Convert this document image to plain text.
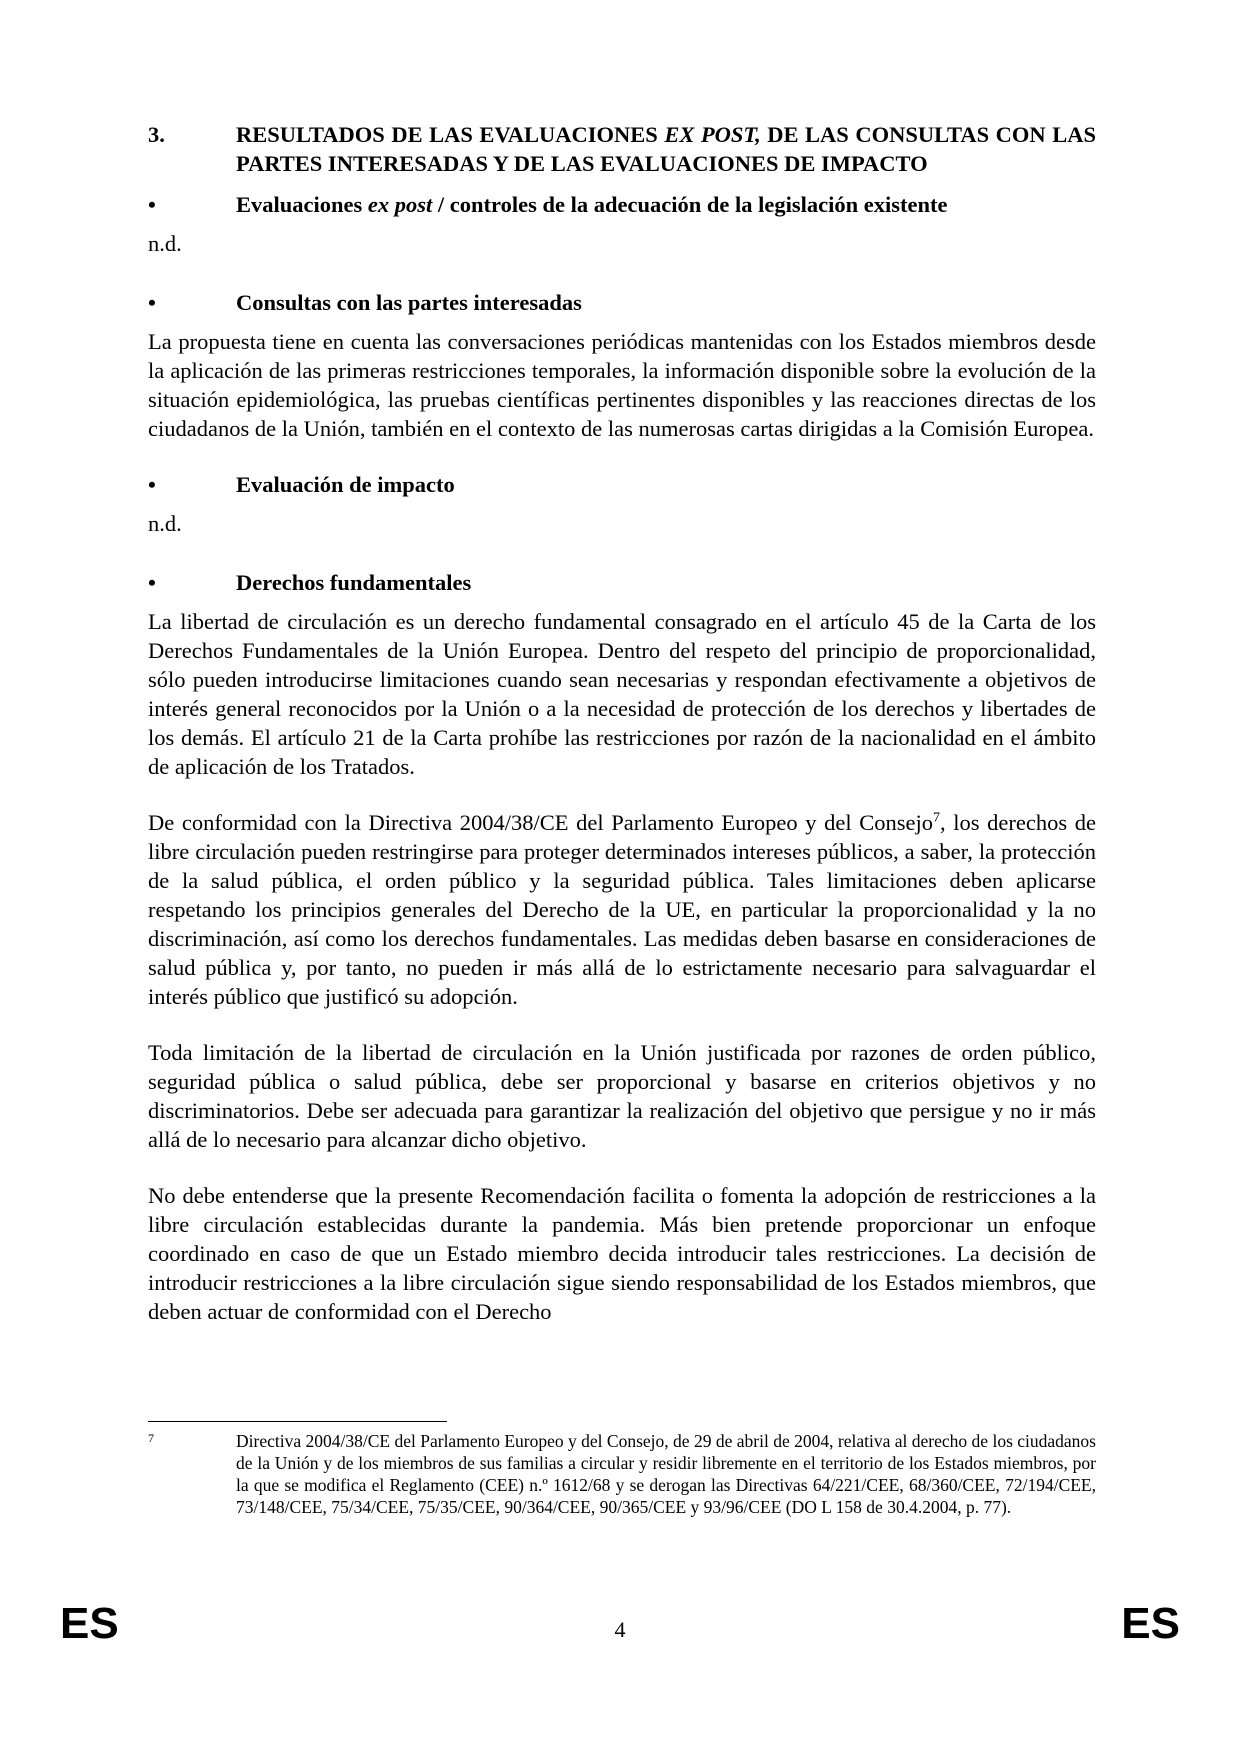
3.	RESULTADOS DE LAS EVALUACIONES EX POST, DE LAS CONSULTAS CON LAS PARTES INTERESADAS Y DE LAS EVALUACIONES DE IMPACTO
•	Evaluaciones ex post / controles de la adecuación de la legislación existente

n.d.

•	Consultas con las partes interesadas

La propuesta tiene en cuenta las conversaciones periódicas mantenidas con los Estados miembros desde la aplicación de las primeras restricciones temporales, la información disponible sobre la evolución de la situación epidemiológica, las pruebas científicas pertinentes disponibles y las reacciones directas de los ciudadanos de la Unión, también en el contexto de las numerosas cartas dirigidas a la Comisión Europea.

•	Evaluación de impacto

n.d.

•	Derechos fundamentales

La libertad de circulación es un derecho fundamental consagrado en el artículo 45 de la Carta de los Derechos Fundamentales de la Unión Europea. Dentro del respeto del principio de proporcionalidad, sólo pueden introducirse limitaciones cuando sean necesarias y respondan efectivamente a objetivos de interés general reconocidos por la Unión o a la necesidad de protección de los derechos y libertades de los demás. El artículo 21 de la Carta prohíbe las restricciones por razón de la nacionalidad en el ámbito de aplicación de los Tratados.

De conformidad con la Directiva 2004/38/CE del Parlamento Europeo y del Consejo$^7$, los derechos de libre circulación pueden restringirse para proteger determinados intereses públicos, a saber, la protección de la salud pública, el orden público y la seguridad pública. Tales limitaciones deben aplicarse respetando los principios generales del Derecho de la UE, en particular la proporcionalidad y la no discriminación, así como los derechos fundamentales. Las medidas deben basarse en consideraciones de salud pública y, por tanto, no pueden ir más allá de lo estrictamente necesario para salvaguardar el interés público que justificó su adopción.

Toda limitación de la libertad de circulación en la Unión justificada por razones de orden público, seguridad pública o salud pública, debe ser proporcional y basarse en criterios objetivos y no discriminatorios. Debe ser adecuada para garantizar la realización del objetivo que persigue y no ir más allá de lo necesario para alcanzar dicho objetivo.

No debe entenderse que la presente Recomendación facilita o fomenta la adopción de restricciones a la libre circulación establecidas durante la pandemia. Más bien pretende proporcionar un enfoque coordinado en caso de que un Estado miembro decida introducir tales restricciones. La decisión de introducir restricciones a la libre circulación sigue siendo responsabilidad de los Estados miembros, que deben actuar de conformidad con el Derecho

7	Directiva 2004/38/CE del Parlamento Europeo y del Consejo, de 29 de abril de 2004, relativa al derecho de los ciudadanos de la Unión y de los miembros de sus familias a circular y residir libremente en el territorio de los Estados miembros, por la que se modifica el Reglamento (CEE) n.º 1612/68 y se derogan las Directivas 64/221/CEE, 68/360/CEE, 72/194/CEE, 73/148/CEE, 75/34/CEE, 75/35/CEE, 90/364/CEE, 90/365/CEE y 93/96/CEE (DO L 158 de 30.4.2004, p. 77).
ES	4	ES
